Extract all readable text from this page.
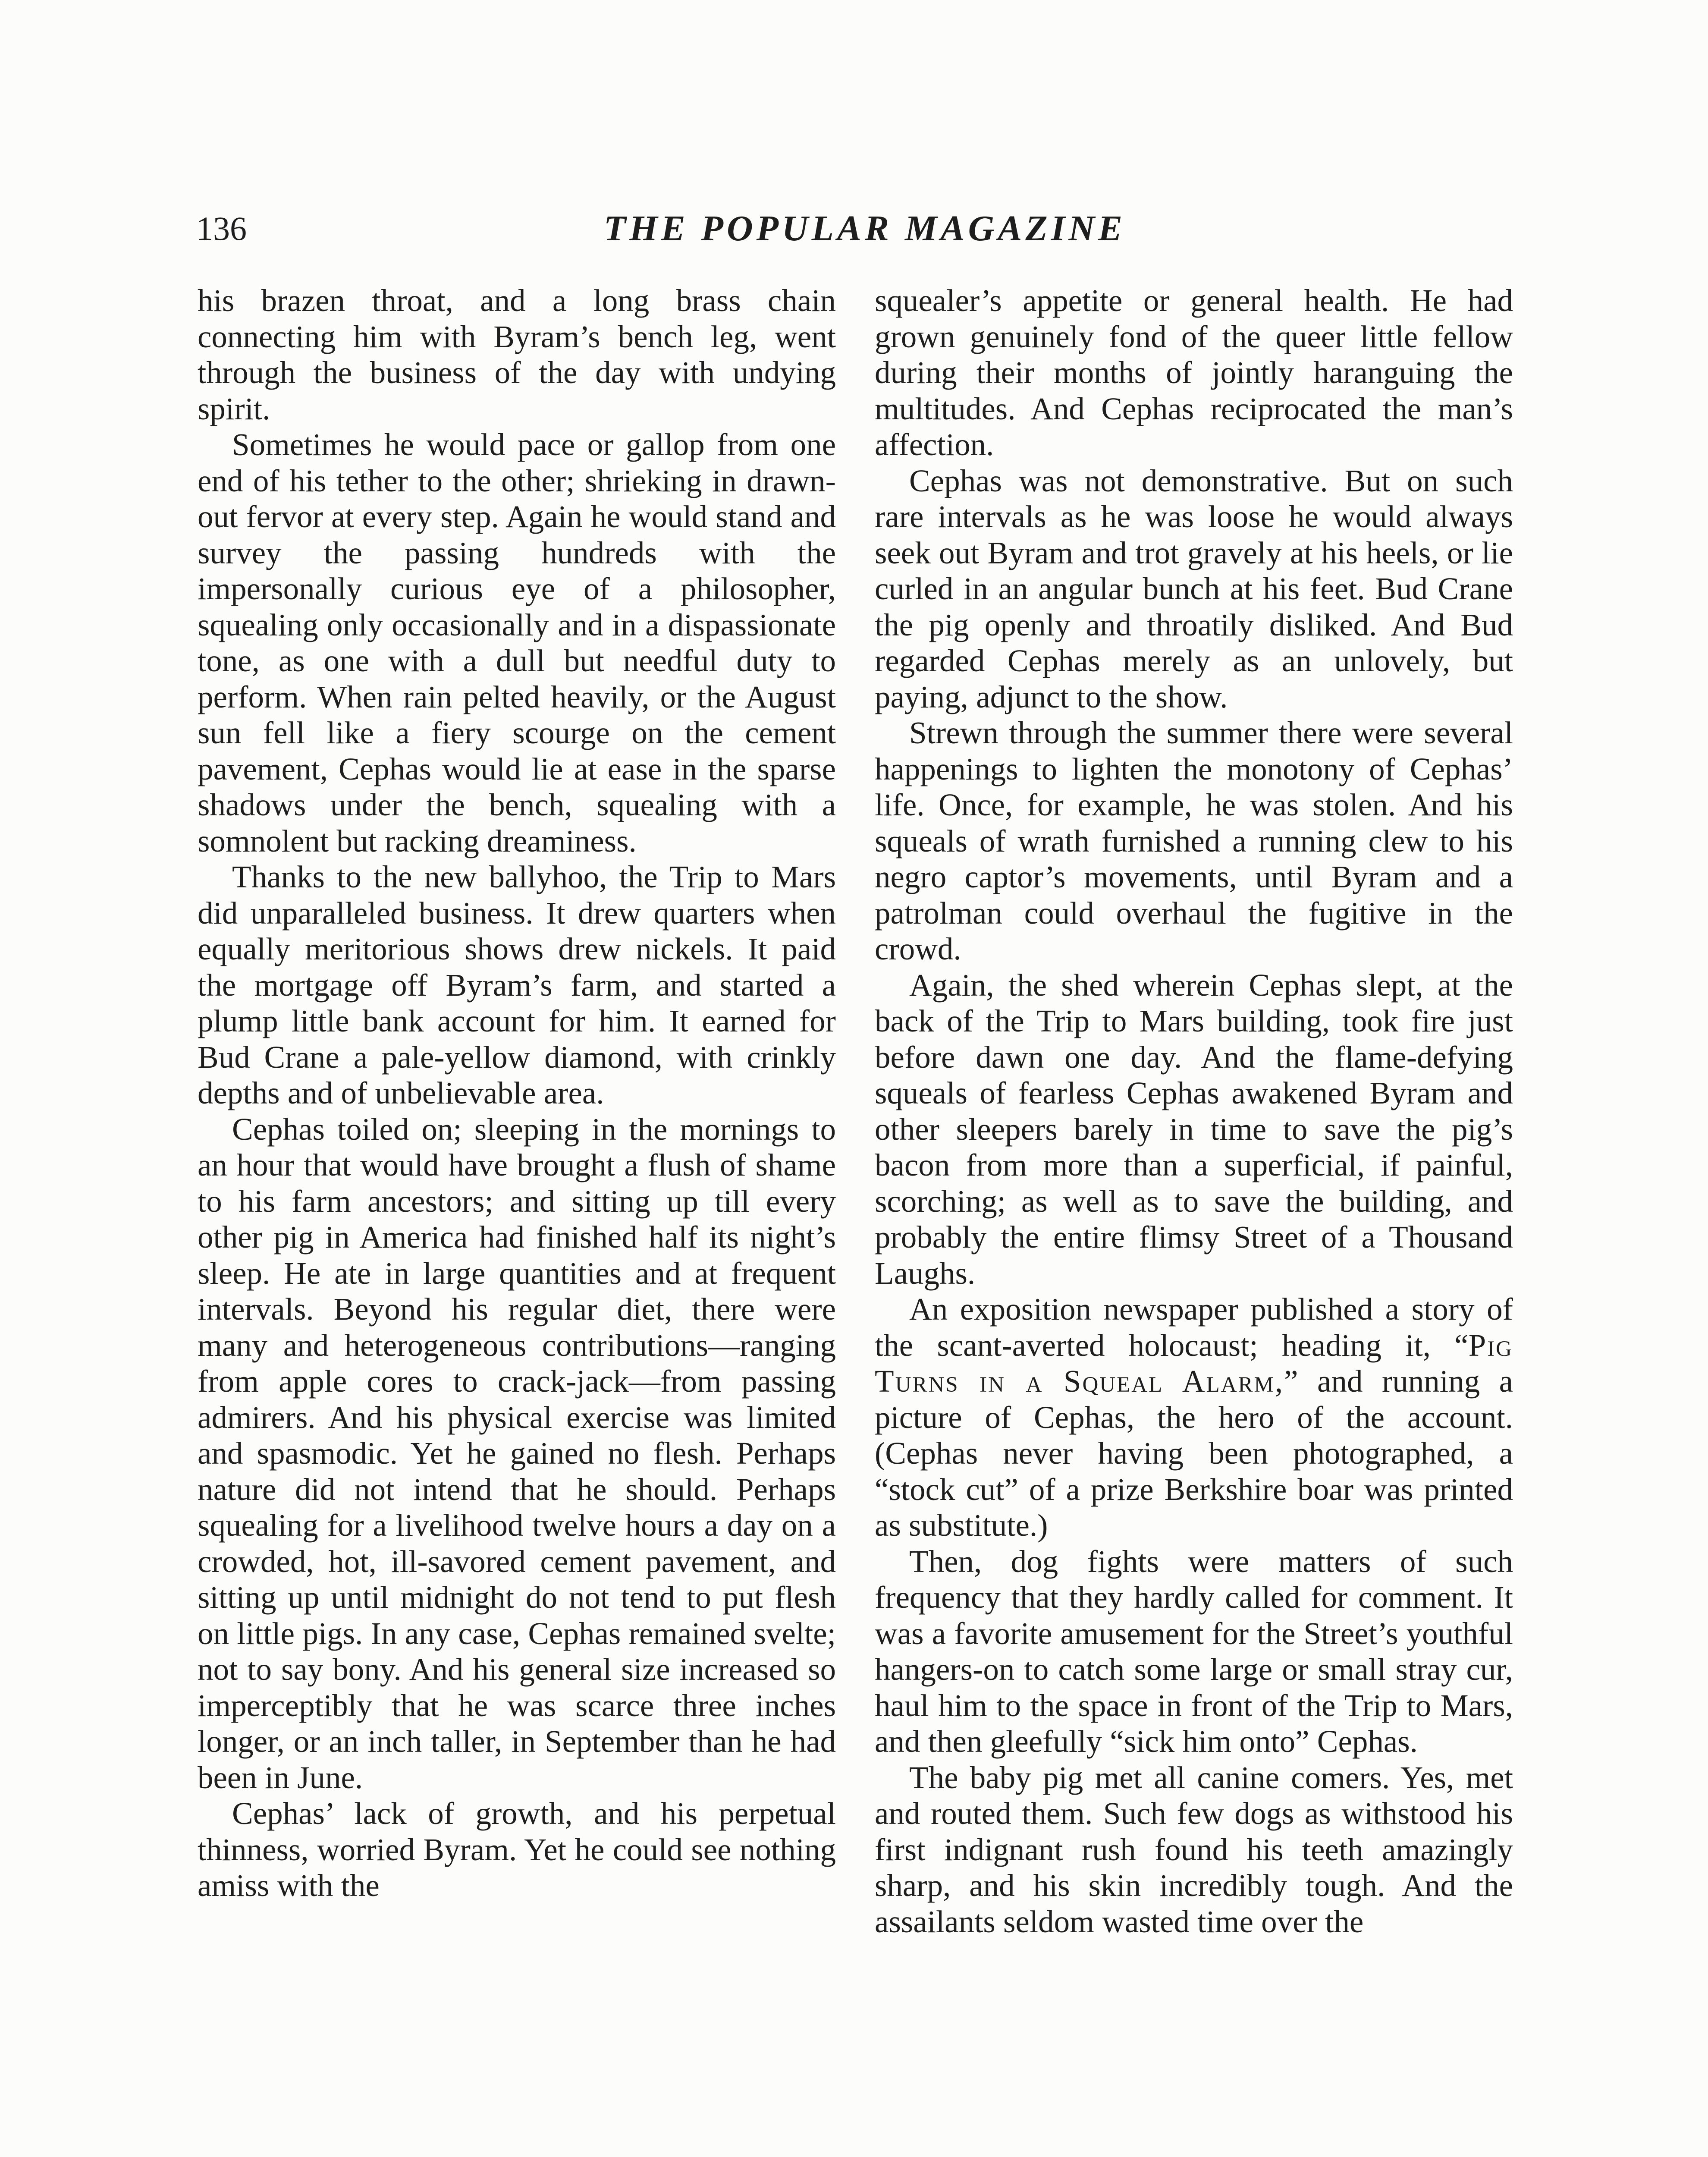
136	THE POPULAR MAGAZINE

his brazen throat, and a long brass chain connecting him with Byram’s bench leg, went through the business of the day with undying spirit.

Sometimes he would pace or gallop from one end of his tether to the other; shrieking in drawn-out fervor at every step. Again he would stand and survey the passing hundreds with the impersonally curious eye of a philosopher, squealing only occasionally and in a dispassionate tone, as one with a dull but needful duty to perform. When rain pelted heavily, or the August sun fell like a fiery scourge on the cement pavement, Cephas would lie at ease in the sparse shadows under the bench, squealing with a somnolent but racking dreaminess.

Thanks to the new ballyhoo, the Trip to Mars did unparalleled business. It drew quarters when equally meritorious shows drew nickels. It paid the mortgage off Byram’s farm, and started a plump little bank account for him. It earned for Bud Crane a pale-yellow diamond, with crinkly depths and of unbelievable area.

Cephas toiled on; sleeping in the mornings to an hour that would have brought a flush of shame to his farm ancestors; and sitting up till every other pig in America had finished half its night’s sleep. He ate in large quantities and at frequent intervals. Beyond his regular diet, there were many and heterogeneous contributions—ranging from apple cores to crack-jack—from passing admirers. And his physical exercise was limited and spasmodic. Yet he gained no flesh. Perhaps nature did not intend that he should. Perhaps squealing for a livelihood twelve hours a day on a crowded, hot, ill-savored cement pavement, and sitting up until midnight do not tend to put flesh on little pigs. In any case, Cephas remained svelte; not to say bony. And his general size increased so imperceptibly that he was scarce three inches longer, or an inch taller, in September than he had been in June.

Cephas’ lack of growth, and his perpetual thinness, worried Byram. Yet he could see nothing amiss with the

squealer’s appetite or general health. He had grown genuinely fond of the queer little fellow during their months of jointly haranguing the multitudes. And Cephas reciprocated the man’s affection.

Cephas was not demonstrative. But on such rare intervals as he was loose he would always seek out Byram and trot gravely at his heels, or lie curled in an angular bunch at his feet. Bud Crane the pig openly and throatily disliked. And Bud regarded Cephas merely as an unlovely, but paying, adjunct to the show.

Strewn through the summer there were several happenings to lighten the monotony of Cephas’ life. Once, for example, he was stolen. And his squeals of wrath furnished a running clew to his negro captor’s movements, until Byram and a patrolman could overhaul the fugitive in the crowd.

Again, the shed wherein Cephas slept, at the back of the Trip to Mars building, took fire just before dawn one day. And the flame-defying squeals of fearless Cephas awakened Byram and other sleepers barely in time to save the pig’s bacon from more than a superficial, if painful, scorching; as well as to save the building, and probably the entire flimsy Street of a Thousand Laughs.

An exposition newspaper published a story of the scant-averted holocaust; heading it, “Pig Turns in a Squeal Alarm,” and running a picture of Cephas, the hero of the account. (Cephas never having been photographed, a “stock cut” of a prize Berkshire boar was printed as substitute.)

Then, dog fights were matters of such frequency that they hardly called for comment. It was a favorite amusement for the Street’s youthful hangers-on to catch some large or small stray cur, haul him to the space in front of the Trip to Mars, and then gleefully “sick him onto” Cephas.

The baby pig met all canine comers. Yes, met and routed them. Such few dogs as withstood his first indignant rush found his teeth amazingly sharp, and his skin incredibly tough. And the assailants seldom wasted time over the
